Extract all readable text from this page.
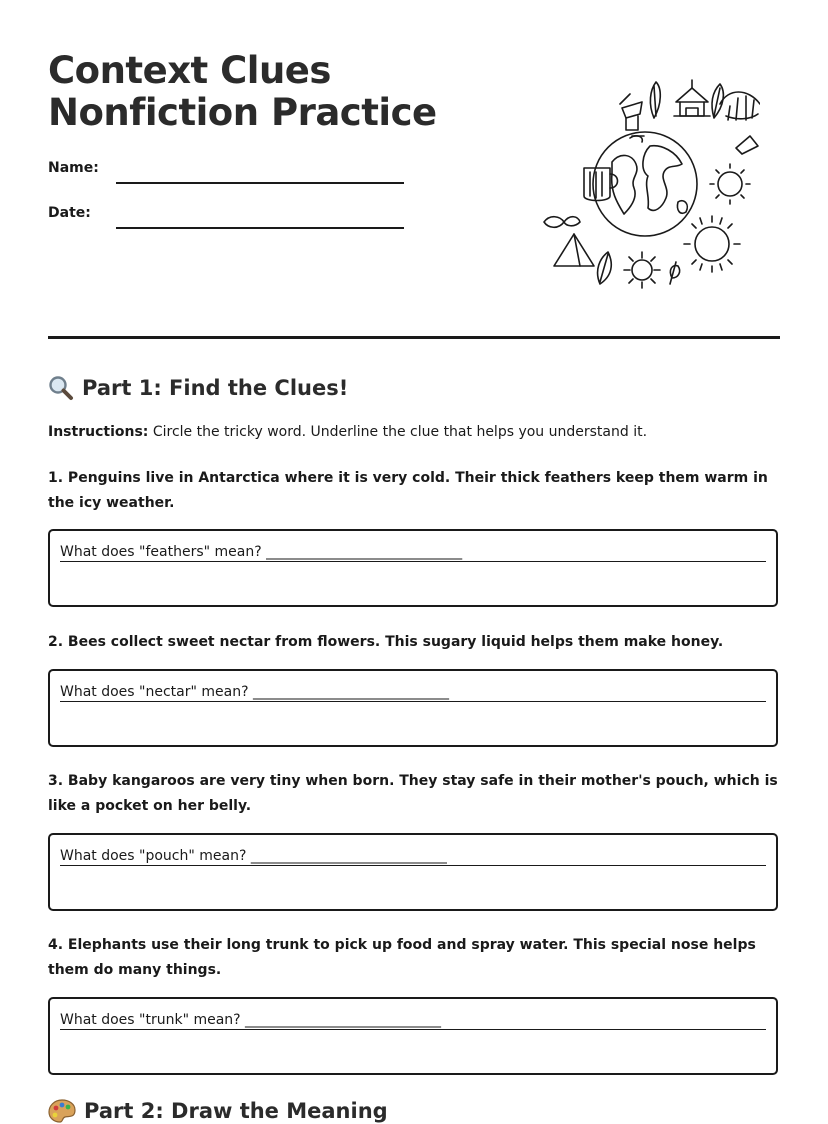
Context Clues
Nonfiction Practice
Name:
Date:
Part 1: Find the Clues!
Instructions: Circle the tricky word. Underline the clue that helps you understand it.
1. Penguins live in Antarctica where it is very cold. Their thick feathers keep them warm in the icy weather.
What does "feathers" mean? ____________________________
2. Bees collect sweet nectar from flowers. This sugary liquid helps them make honey.
What does "nectar" mean? ____________________________
3. Baby kangaroos are very tiny when born. They stay safe in their mother's pouch, which is like a pocket on her belly.
What does "pouch" mean? ____________________________
4. Elephants use their long trunk to pick up food and spray water. This special nose helps them do many things.
What does "trunk" mean? ____________________________
Part 2: Draw the Meaning
